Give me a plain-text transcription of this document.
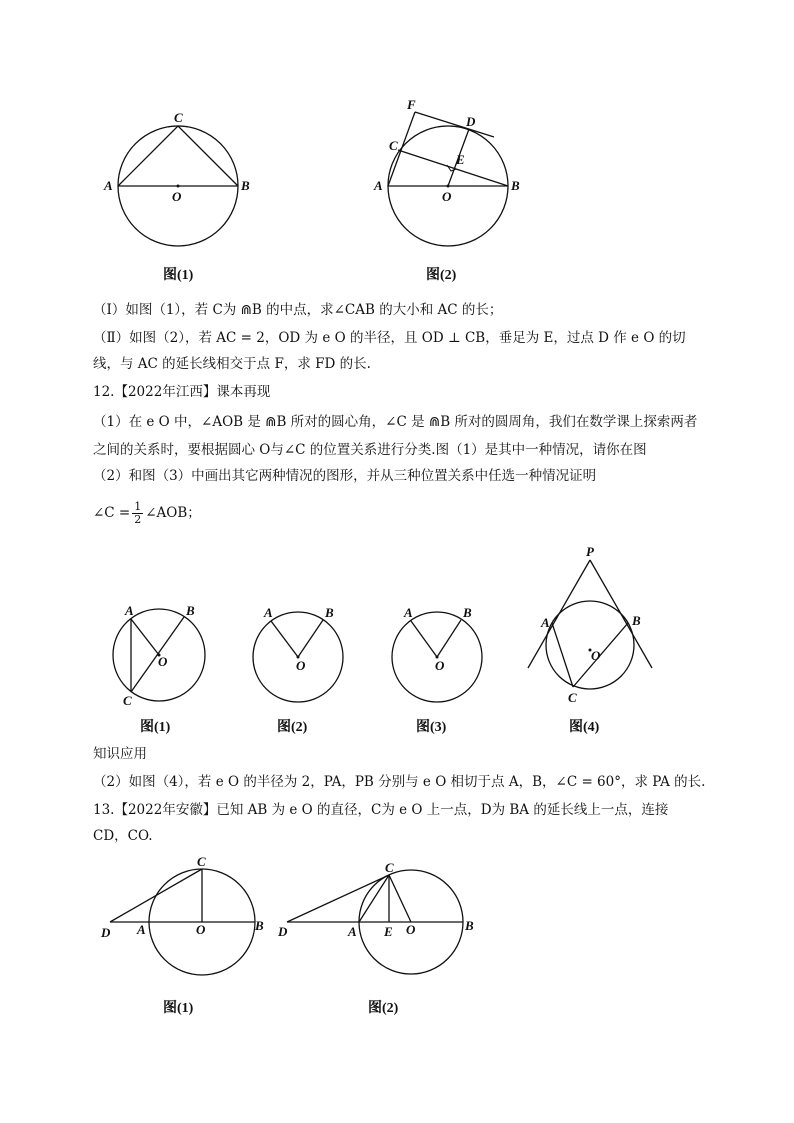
A	B
C
O
图(1)
A	B
C
O
D
E
F
图(2)
（Ⅰ）如图（1），若 C为 ⋒B 的中点，求∠CAB 的大小和 AC 的长；
（Ⅱ）如图（2），若 AC = 2，OD 为 e O 的半径，且 OD ⊥ CB，垂足为 E，过点 D 作 e O 的切
线，与 AC 的延长线相交于点 F，求 FD 的长.
12.【2022年江西】课本再现
（1）在 e O 中，∠AOB 是 ⋒B 所对的圆心角，∠C 是 ⋒B 所对的圆周角，我们在数学课上探索两者
之间的关系时，要根据圆心 O与∠C 的位置关系进行分类.图（1）是其中一种情况，请你在图
（2）和图（3）中画出其它两种情况的图形，并从三种位置关系中任选一种情况证明
∠C = $\frac{1}{2}$ ∠AOB；
A	B
C
O
图(1)
A	B
O
图(2)
A	B
O
图(3)
P
A	B
C
O
图(4)
知识应用
（2）如图（4），若 e O 的半径为 2，PA，PB 分别与 e O 相切于点 A，B，∠C = 60°，求 PA 的长.
13.【2022年安徽】已知 AB 为 e O 的直径，C为 e O 上一点，D为 BA 的延长线上一点，连接
CD，CO.
D A	O	B
C
图(1)
D	A E O	B
C
图(2)
